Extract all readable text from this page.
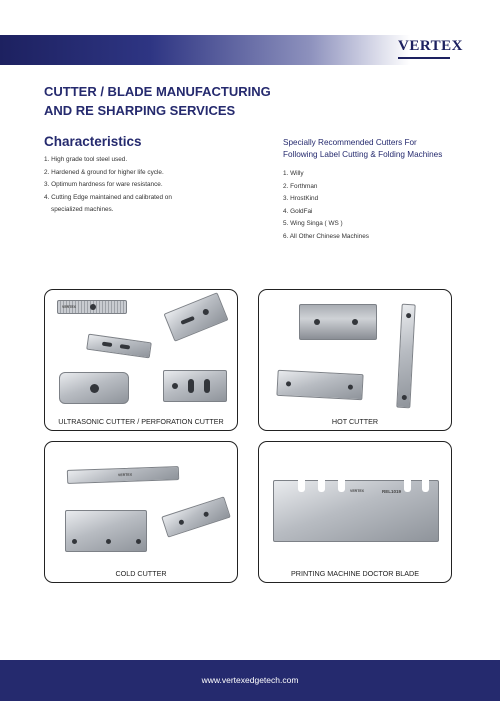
VERTEX
CUTTER / BLADE MANUFACTURING
AND RE SHARPING SERVICES
Characteristics
1. High grade tool steel used.
2. Hardened & ground for higher life cycle.
3. Optimum hardness for ware resistance.
4. Cutting Edge maintained and calibrated on
specialized machines.
Specially Recommended Cutters For
Following Label Cutting & Folding Machines
1. Willy
2. Forthman
3. HrostKind
4. GoldFai
5. Wing Singa ( WS )
6. All Other Chinese Machines
VERTEX
ULTRASONIC CUTTER / PERFORATION CUTTER	HOT CUTTER
VERTEX
COLD CUTTER
VERTEX	REL1019
PRINTING MACHINE DOCTOR BLADE
www.vertexedgetech.com
